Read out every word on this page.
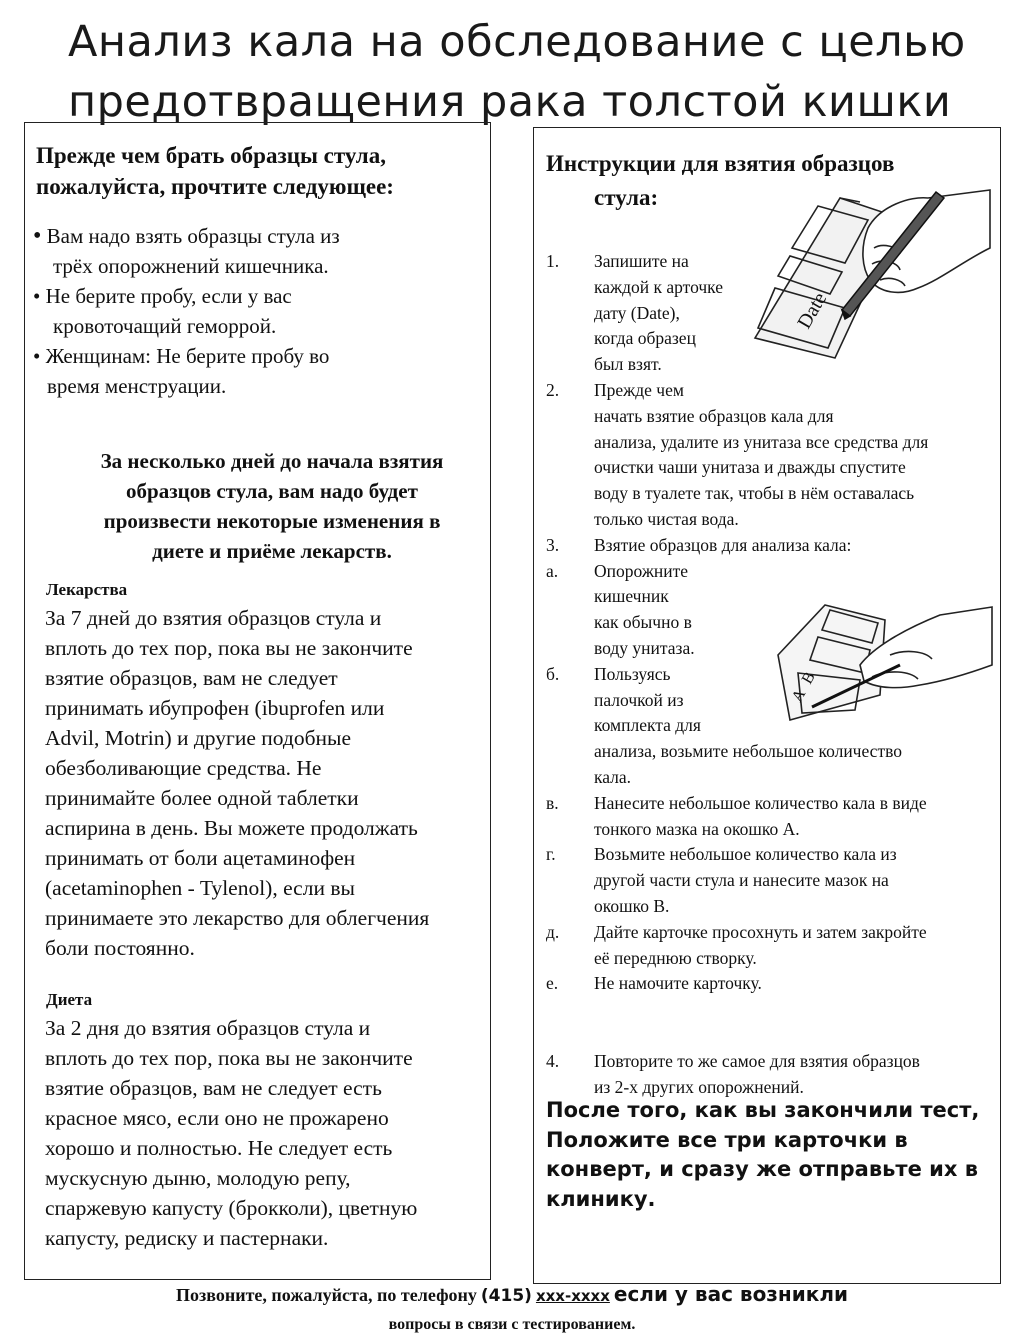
Анализ кала на обследование с целью
предотвращения рака толстой кишки
Прежде чем брать образцы стула,
пожалуйста, прочтите следующее:
• Вам надо взять образцы стула из
трёх опорожнений кишечника.
• Не берите пробу, если у вас
кровоточащий геморрой.
• Женщинам: Не берите пробу во
время менструации.
За несколько дней до начала взятия
образцов стула, вам надо будет
произвести некоторые изменения в
диете и приёме лекарств.
Лекарства
За 7 дней до взятия образцов стула и
вплоть до тех пор, пока вы не закончите
взятие образцов, вам не следует
принимать ибупрофен (ibuprofen или
Advil, Motrin) и другие подобные
обезболивающие средства. Не
принимайте более одной таблетки
аспирина в день. Вы можете продолжать
принимать от боли ацетаминофен
(acetaminophen - Tylenol), если вы
принимаете это лекарство для облегчения
боли постоянно.
Диета
За 2 дня до взятия образцов стула и
вплоть до тех пор, пока вы не закончите
взятие образцов, вам не следует есть
красное мясо, если оно не прожарено
хорошо и полностью. Не следует есть
мускусную дыню, молодую репу,
спаржевую капусту (брокколи), цветную
капусту, редиску и пастернаки.
Инструкции для взятия образцов
стула:
1. Запишите на
каждой к арточке
дату (Date),
когда образец
был взят.
2. Прежде чем
начать взятие образцов кала для
анализа, удалите из унитаза все средства для
очистки чаши унитаза и дважды спустите
воду в туалете так, чтобы в нём оставалась
только чистая вода.
3. Взятие образцов для анализа кала:
a. Опорожните
кишечник
как обычно в
воду унитаза.
б. Пользуясь
палочкой из
комплекта для
анализа, возьмите небольшое количество
кала.
в. Нанесите небольшое количество кала в виде
тонкого мазка на окошко А.
г. Возьмите небольшое количество кала из
другой части стула и нанесите мазок на
окошко В.
д. Дайте карточке просохнуть и затем закройте
её переднюю створку.
е. Не намочите карточку.
4. Повторите то же самое для взятия образцов
из 2-х других опорожнений.
Date
A
B
После того, как вы закончили тест,
Положите все три карточки в
конверт, и сразу же отправьте их в
клинику.
Позвоните, пожалуйста, по телефону (415) xxx-xxxx если у вас возникли
вопросы в связи с тестированием.
